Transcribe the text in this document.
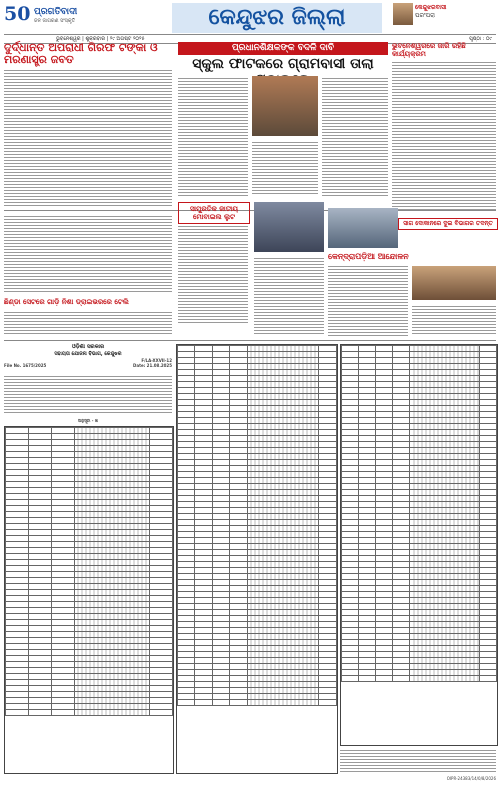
50 ପ୍ରଗତିବାଦୀ
ଜନ ଜାଗରଣ ସଂସ୍କୃତି	କେନ୍ଦୁଝର ଜିଲ୍ଲା	କେନ୍ଦୁଝରବାସୀ
ପରଂପରା
ଭୁବନେଶ୍ୱର | ଶୁକ୍ରବାର | ୨୯ ଅଗଷ୍ଟ ୨୦୨୫	ପୃଷ୍ଠା : ୦୯
ଦୁର୍ଦ୍ଧାନ୍ତ ଅପରାଧୀ ଗିରଫ ଟଙ୍କା ଓ ମରଣାସ୍ତ୍ର ଜବତ
ପ୍ରଧାନଶିକ୍ଷକଙ୍କ ବଦଳି ଦାବି
ସ୍କୁଲ ଫାଟକରେ ଗ୍ରାମବାସୀ ତାଲା
ଭୁବନେଶ୍ୱରରେ ଜାରି ରହିଛି କାର୍ଯ୍ୟକ୍ରମ
ସାମ୍ପ୍ରତିକ ଜାତୀୟ ମୋବାଇଲ ଲୁଟ
କେନ୍‌ଦ୍ରାପଡ଼ିଆ ଆନ୍ଦୋଳନ
ସାଗ ଦୋକାନରେ ଦୁଇ ବିଭାଗର ତଦନ୍ତ
ଛିଣ୍ଡା ସେଟରେ ଗାଡ଼ି ନିଶା ଡ୍ରାଇଭରରେ ଟେଲି
ଓଡ଼ିଶା ସରକାର
ସହାୟତା ଯୋଜନା ବିଭାଗ, କେନ୍ଦୁଝର
F/LA-XXVII-12
File No. 1675/2025	Date: 21.08.2025
ଅନୁସୂଚୀ - ଖ

OIPR-24383/14/0/8/2026
